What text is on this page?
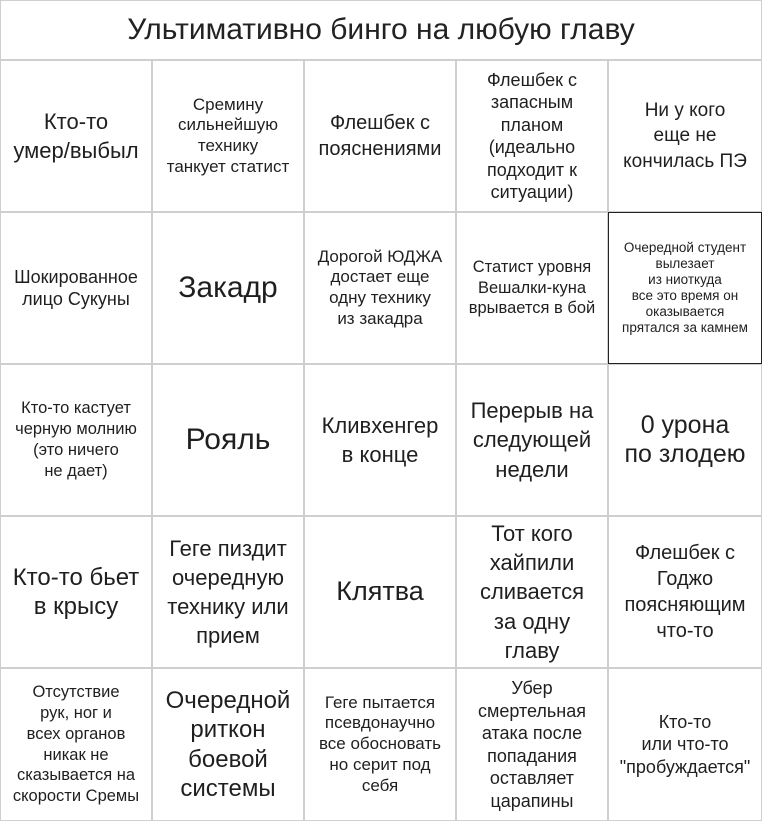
Ультимативно бинго на любую главу
Кто-то
умер/выбыл
Сремину
сильнейшую
технику
танкует статист
Флешбек с
пояснениями
Флешбек с
запасным
планом
(идеально
подходит к
ситуации)
Ни у кого
еще не
кончилась ПЭ
Шокированное
лицо Сукуны Закадр
Дорогой ЮДЖА
достает еще
одну технику
из закадра
Статист уровня
Вешалки-куна
врывается в бой
Очередной студент
вылезает
из ниоткуда
все это время он
оказывается
прятался за камнем
Кто-то кастует
черную молнию
(это ничего
не дает)
Рояль Кливхенгер
в конце
Перерыв на
следующей
недели
0 урона
по злодею
Кто-то бьет
в крысу
Геге пиздит
очередную
технику или
прием
Клятва
Тот кого
хайпили
сливается
за одну
главу
Флешбек с
Годжо
поясняющим
что-то
Отсутствие
рук, ног и
всех органов
никак не
сказывается на
скорости Сремы
Очередной
риткон
боевой
системы
Геге пытается
псевдонаучно
все обосновать
но серит под
себя
Убер
смертельная
атака после
попадания
оставляет
царапины
Кто-то
или что-то
"пробуждается"
